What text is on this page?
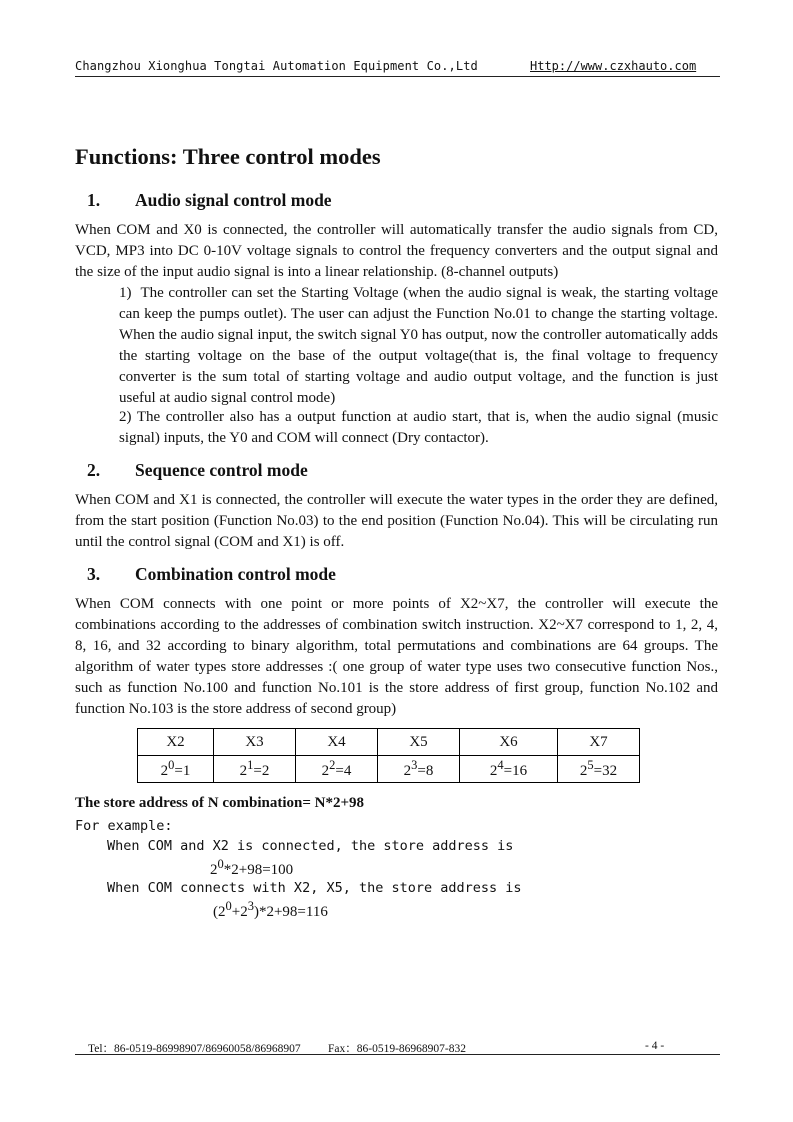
Changzhou Xionghua Tongtai Automation Equipment Co.,Ltd	Http://www.czxhauto.com
Functions: Three control modes
1. Audio signal control mode

When COM and X0 is connected, the controller will automatically transfer the audio signals from CD, VCD, MP3 into DC 0-10V voltage signals to control the frequency converters and the output signal and the size of the input audio signal is into a linear relationship. (8-channel outputs)

1)  The controller can set the Starting Voltage (when the audio signal is weak, the starting voltage can keep the pumps outlet). The user can adjust the Function No.01 to change the starting voltage. When the audio signal input, the switch signal Y0 has output, now the controller automatically adds the starting voltage on the base of the output voltage(that is, the final voltage to frequency converter is the sum total of starting voltage and audio output voltage, and the function is just useful at audio signal control mode)

2) The controller also has a output function at audio start, that is, when the audio signal (music signal) inputs, the Y0 and COM will connect (Dry contactor).

2. Sequence control mode

When COM and X1 is connected, the controller will execute the water types in the order they are defined, from the start position (Function No.03) to the end position (Function No.04). This will be circulating run until the control signal (COM and X1) is off.

3. Combination control mode

When COM connects with one point or more points of X2~X7, the controller will execute the combinations according to the addresses of combination switch instruction. X2~X7 correspond to 1, 2, 4, 8, 16, and 32 according to binary algorithm, total permutations and combinations are 64 groups. The algorithm of water types store addresses :( one group of water type uses two consecutive function Nos., such as function No.100 and function No.101 is the store address of first group, function No.102 and function No.103 is the store address of second group)

X2	X3	X4	X5	X6	X7
$2^0=1$	$2^1=2$	$2^2=4$	$2^3=8$	$2^4=16$	$2^5=32$

The store address of N combination= N*2+98

For example:

When COM and X2 is connected, the store address is

$2^0*2+98=100$

When COM connects with X2, X5, the store address is

$(2^0+2^3)*2+98=116$

Tel：86-0519-86998907/86960058/86968907 Fax：86-0519-86968907-832	- 4 -
